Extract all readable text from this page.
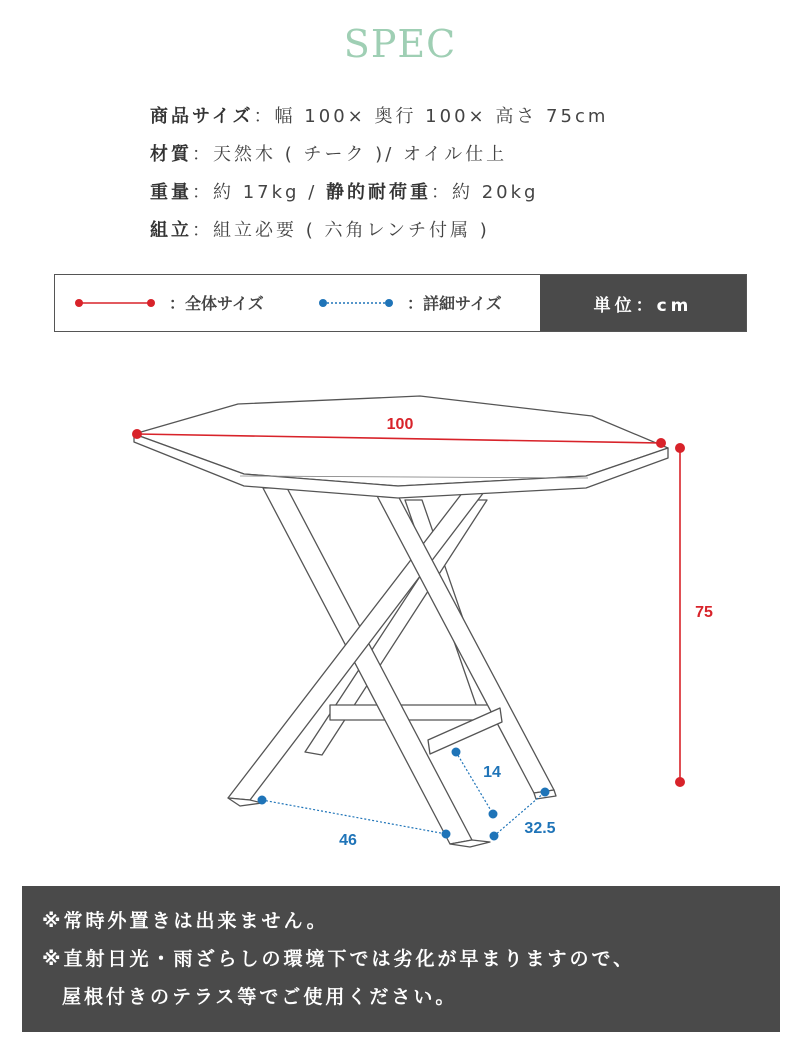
SPEC
商品サイズ：幅 100× 奥行 100× 高さ 75cm
材質：天然木 ( チーク )/ オイル仕上
重量：約 17kg / 静的耐荷重：約 20kg
組立：組立必要 ( 六角レンチ付属 )
：全体サイズ	：詳細サイズ	単位：cm
100
75
46
32.5
14
※常時外置きは出来ません。
※直射日光・雨ざらしの環境下では劣化が早まりますので、
屋根付きのテラス等でご使用ください。
